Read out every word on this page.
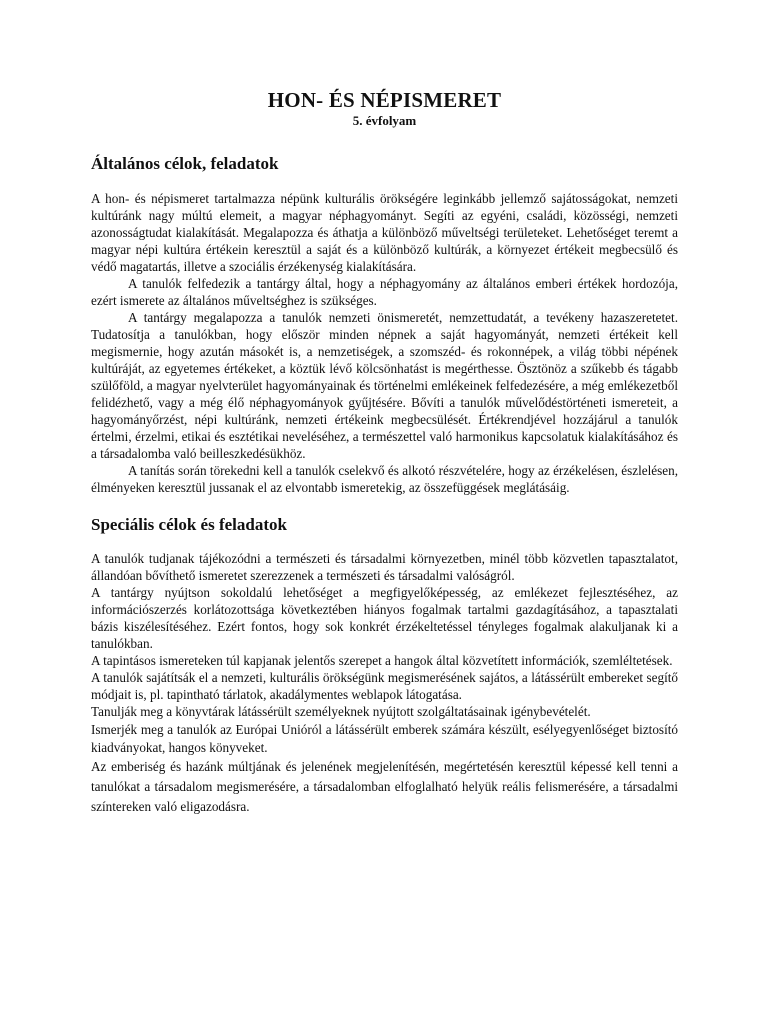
HON- ÉS NÉPISMERET
5. évfolyam
Általános célok, feladatok

A hon- és népismeret tartalmazza népünk kulturális örökségére leginkább jellemző sajátosságokat, nemzeti kultúránk nagy múltú elemeit, a magyar néphagyományt. Segíti az egyéni, családi, közösségi, nemzeti azonosságtudat kialakítását. Megalapozza és áthatja a különböző műveltségi területeket. Lehetőséget teremt a magyar népi kultúra értékein keresztül a saját és a különböző kultúrák, a környezet értékeit megbecsülő és védő magatartás, illetve a szociális érzékenység kialakítására.

A tanulók felfedezik a tantárgy által, hogy a néphagyomány az általános emberi értékek hordozója, ezért ismerete az általános műveltséghez is szükséges.

A tantárgy megalapozza a tanulók nemzeti önismeretét, nemzettudatát, a tevékeny hazaszeretetet. Tudatosítja a tanulókban, hogy először minden népnek a saját hagyományát, nemzeti értékeit kell megismernie, hogy azután másokét is, a nemzetiségek, a szomszéd- és rokonnépek, a világ többi népének kultúráját, az egyetemes értékeket, a köztük lévő kölcsönhatást is megérthesse. Ösztönöz a szűkebb és tágabb szülőföld, a magyar nyelvterület hagyományainak és történelmi emlékeinek felfedezésére, a még emlékezetből felidézhető, vagy a még élő néphagyományok gyűjtésére. Bővíti a tanulók művelődéstörténeti ismereteit, a hagyományőrzést, népi kultúránk, nemzeti értékeink megbecsülését. Értékrendjével hozzájárul a tanulók értelmi, érzelmi, etikai és esztétikai neveléséhez, a természettel való harmonikus kapcsolatuk kialakításához és a társadalomba való beilleszkedésükhöz.

A tanítás során törekedni kell a tanulók cselekvő és alkotó részvételére, hogy az érzékelésen, észlelésen, élményeken keresztül jussanak el az elvontabb ismeretekig, az összefüggések meglátásáig.

Speciális célok és feladatok

A tanulók tudjanak tájékozódni a természeti és társadalmi környezetben, minél több közvetlen tapasztalatot, állandóan bővíthető ismeretet szerezzenek a természeti és társadalmi valóságról.

A tantárgy nyújtson sokoldalú lehetőséget a megfigyelőképesség, az emlékezet fejlesztéséhez, az információszerzés korlátozottsága következtében hiányos fogalmak tartalmi gazdagításához, a tapasztalati bázis kiszélesítéséhez. Ezért fontos, hogy sok konkrét érzékeltetéssel tényleges fogalmak alakuljanak ki a tanulókban.

A tapintásos ismereteken túl kapjanak jelentős szerepet a hangok által közvetített információk, szemléltetések.

A tanulók sajátítsák el a nemzeti, kulturális örökségünk megismerésének sajátos, a látássérült embereket segítő módjait is, pl. tapintható tárlatok, akadálymentes weblapok látogatása.

Tanulják meg a könyvtárak látássérült személyeknek nyújtott szolgáltatásainak igénybevételét.

Ismerjék meg a tanulók az Európai Unióról a látássérült emberek számára készült, esélyegyenlőséget biztosító kiadványokat, hangos könyveket.

Az emberiség és hazánk múltjának és jelenének megjelenítésén, megértetésén keresztül képessé kell tenni a tanulókat a társadalom megismerésére, a társadalomban elfoglalható helyük reális felismerésére, a társadalmi színtereken való eligazodásra.
